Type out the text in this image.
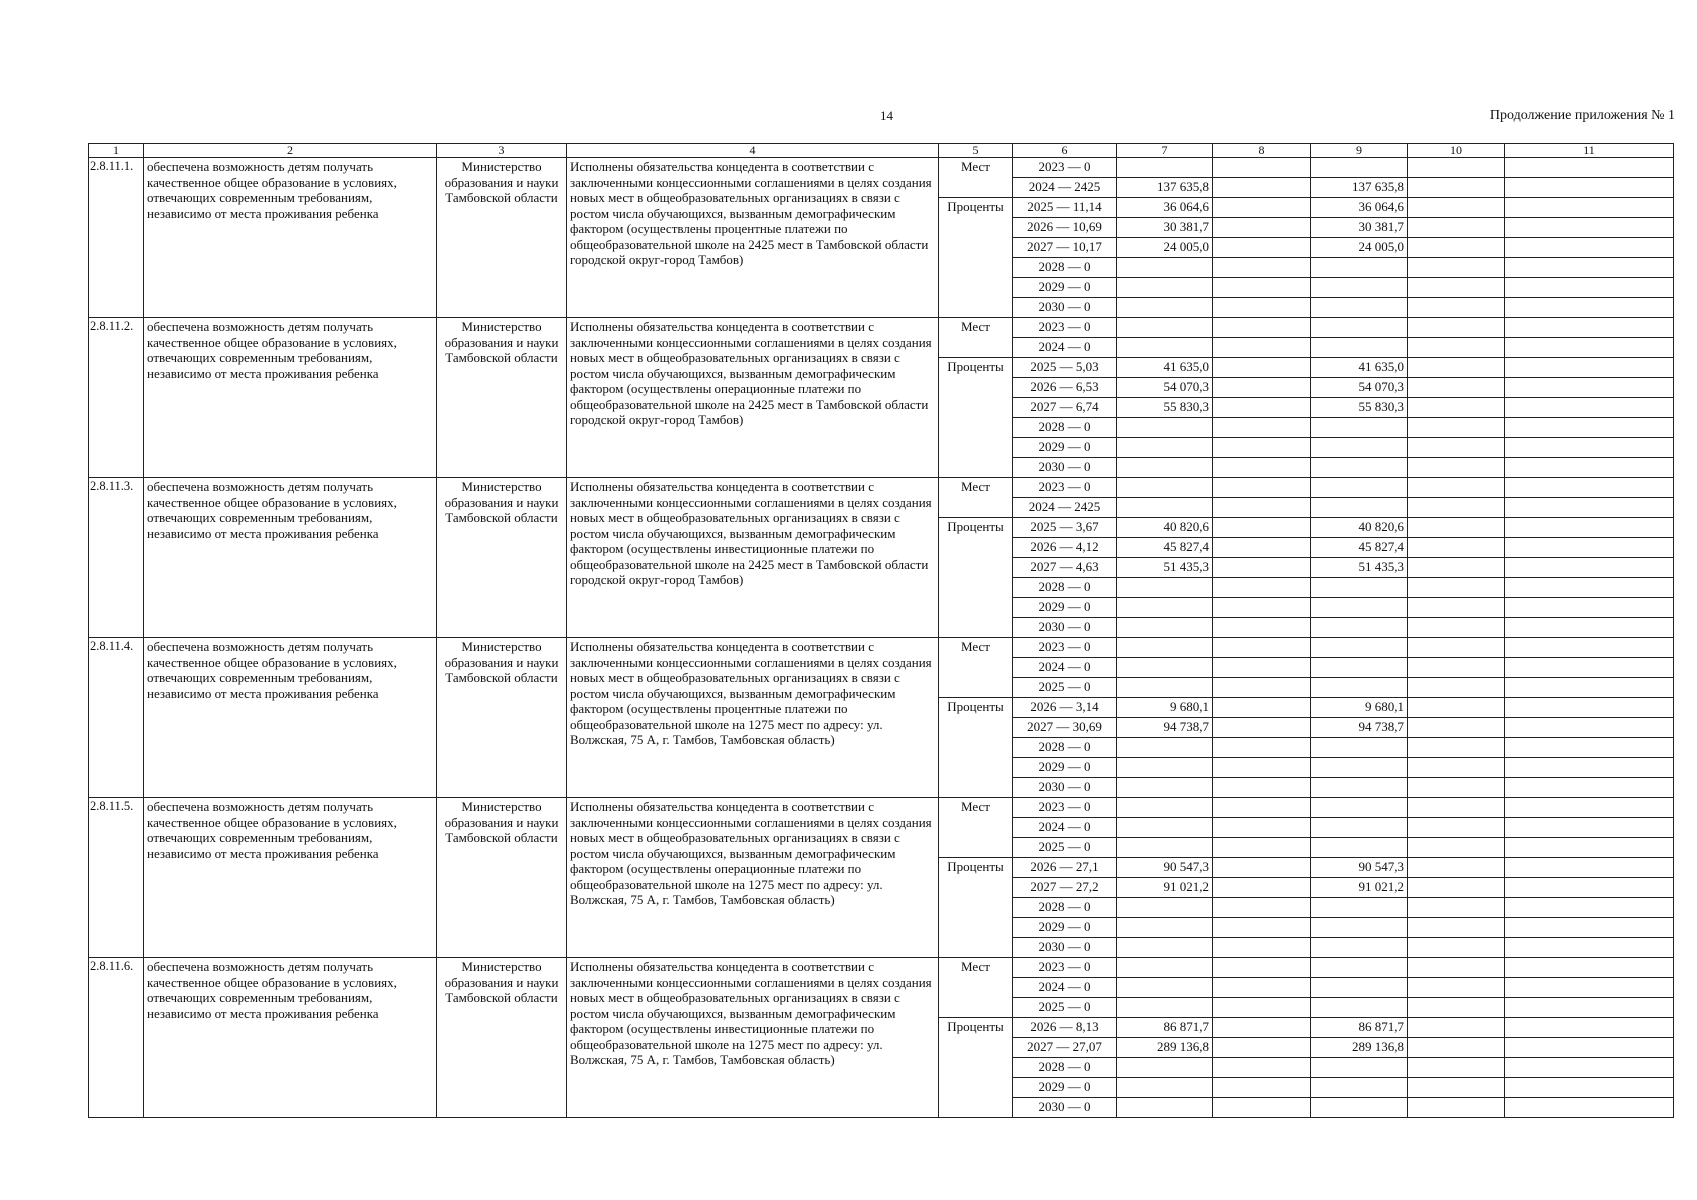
14	Продолжение приложения № 1
1	2	3	4	5	6	7	8	9	10	11
2.8.11.1.	обеспечена возможность детям получать качественное общее образование в условиях, отвечающих современным требованиям, независимо от места проживания ребенка	Министерство образования и науки Тамбовской области	Исполнены обязательства концедента в соответствии с заключенными концессионными соглашениями в целях создания новых мест в общеобразовательных организациях в связи с ростом числа обучающихся, вызванным демографическим фактором (осуществлены процентные платежи по общеобразовательной школе на 2425 мест в Тамбовской области городской округ-город Тамбов)	Мест	2023 — 0					
					2024 — 2425	137 635,8		137 635,8		
				Проценты	2025 — 11,14	36 064,6		36 064,6		
					2026 — 10,69	30 381,7		30 381,7		
					2027 — 10,17	24 005,0		24 005,0		
					2028 — 0					
					2029 — 0					
					2030 — 0					
2.8.11.2.	обеспечена возможность детям получать качественное общее образование в условиях, отвечающих современным требованиям, независимо от места проживания ребенка	Министерство образования и науки Тамбовской области	Исполнены обязательства концедента в соответствии с заключенными концессионными соглашениями в целях создания новых мест в общеобразовательных организациях в связи с ростом числа обучающихся, вызванным демографическим фактором (осуществлены операционные платежи по общеобразовательной школе на 2425 мест в Тамбовской области городской округ-город Тамбов)	Мест	2023 — 0					
					2024 — 0					
				Проценты	2025 — 5,03	41 635,0		41 635,0		
					2026 — 6,53	54 070,3		54 070,3		
					2027 — 6,74	55 830,3		55 830,3		
					2028 — 0					
					2029 — 0					
					2030 — 0					
2.8.11.3.	обеспечена возможность детям получать качественное общее образование в условиях, отвечающих современным требованиям, независимо от места проживания ребенка	Министерство образования и науки Тамбовской области	Исполнены обязательства концедента в соответствии с заключенными концессионными соглашениями в целях создания новых мест в общеобразовательных организациях в связи с ростом числа обучающихся, вызванным демографическим фактором (осуществлены инвестиционные платежи по общеобразовательной школе на 2425 мест в Тамбовской области городской округ-город Тамбов)	Мест	2023 — 0					
					2024 — 2425					
				Проценты	2025 — 3,67	40 820,6		40 820,6		
					2026 — 4,12	45 827,4		45 827,4		
					2027 — 4,63	51 435,3		51 435,3		
					2028 — 0					
					2029 — 0					
					2030 — 0					
2.8.11.4.	обеспечена возможность детям получать качественное общее образование в условиях, отвечающих современным требованиям, независимо от места проживания ребенка	Министерство образования и науки Тамбовской области	Исполнены обязательства концедента в соответствии с заключенными концессионными соглашениями в целях создания новых мест в общеобразовательных организациях в связи с ростом числа обучающихся, вызванным демографическим фактором (осуществлены процентные платежи по общеобразовательной школе на 1275 мест по адресу: ул. Волжская, 75 А, г. Тамбов, Тамбовская область)	Мест	2023 — 0					
					2024 — 0					
					2025 — 0					
				Проценты	2026 — 3,14	9 680,1		9 680,1		
					2027 — 30,69	94 738,7		94 738,7		
					2028 — 0					
					2029 — 0					
					2030 — 0					
2.8.11.5.	обеспечена возможность детям получать качественное общее образование в условиях, отвечающих современным требованиям, независимо от места проживания ребенка	Министерство образования и науки Тамбовской области	Исполнены обязательства концедента в соответствии с заключенными концессионными соглашениями в целях создания новых мест в общеобразовательных организациях в связи с ростом числа обучающихся, вызванным демографическим фактором (осуществлены операционные платежи по общеобразовательной школе на 1275 мест по адресу: ул. Волжская, 75 А, г. Тамбов, Тамбовская область)	Мест	2023 — 0					
					2024 — 0					
					2025 — 0					
				Проценты	2026 — 27,1	90 547,3		90 547,3		
					2027 — 27,2	91 021,2		91 021,2		
					2028 — 0					
					2029 — 0					
					2030 — 0					
2.8.11.6.	обеспечена возможность детям получать качественное общее образование в условиях, отвечающих современным требованиям, независимо от места проживания ребенка	Министерство образования и науки Тамбовской области	Исполнены обязательства концедента в соответствии с заключенными концессионными соглашениями в целях создания новых мест в общеобразовательных организациях в связи с ростом числа обучающихся, вызванным демографическим фактором (осуществлены инвестиционные платежи по общеобразовательной школе на 1275 мест по адресу: ул. Волжская, 75 А, г. Тамбов, Тамбовская область)	Мест	2023 — 0					
					2024 — 0					
					2025 — 0					
				Проценты	2026 — 8,13	86 871,7		86 871,7		
					2027 — 27,07	289 136,8		289 136,8		
					2028 — 0					
					2029 — 0					
					2030 — 0					
